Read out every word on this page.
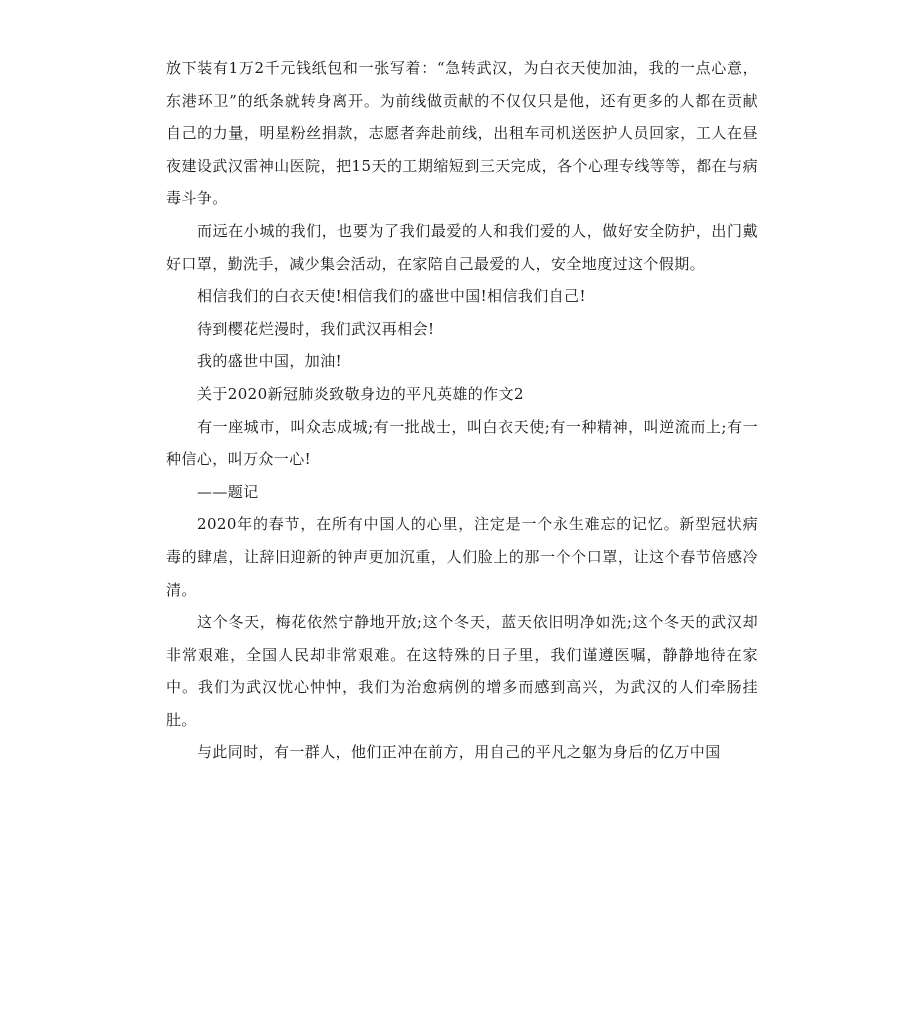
放下装有1万2千元钱纸包和一张写着：“急转武汉，为白衣天使加油，我的一点心意，东港环卫”的纸条就转身离开。为前线做贡献的不仅仅只是他，还有更多的人都在贡献自己的力量，明星粉丝捐款，志愿者奔赴前线，出租车司机送医护人员回家，工人在昼夜建设武汉雷神山医院，把15天的工期缩短到三天完成，各个心理专线等等，都在与病毒斗争。

而远在小城的我们，也要为了我们最爱的人和我们爱的人，做好安全防护，出门戴好口罩，勤洗手，减少集会活动，在家陪自己最爱的人，安全地度过这个假期。

相信我们的白衣天使!相信我们的盛世中国!相信我们自己!

待到樱花烂漫时，我们武汉再相会!

我的盛世中国，加油!

关于2020新冠肺炎致敬身边的平凡英雄的作文2

有一座城市，叫众志成城;有一批战士，叫白衣天使;有一种精神，叫逆流而上;有一种信心，叫万众一心!

——题记

2020年的春节，在所有中国人的心里，注定是一个永生难忘的记忆。新型冠状病毒的肆虐，让辞旧迎新的钟声更加沉重，人们脸上的那一个个口罩，让这个春节倍感冷清。

这个冬天，梅花依然宁静地开放;这个冬天，蓝天依旧明净如洗;这个冬天的武汉却非常艰难，全国人民却非常艰难。在这特殊的日子里，我们谨遵医嘱，静静地待在家中。我们为武汉忧心忡忡，我们为治愈病例的增多而感到高兴，为武汉的人们牵肠挂肚。

与此同时，有一群人，他们正冲在前方，用自己的平凡之躯为身后的亿万中国
